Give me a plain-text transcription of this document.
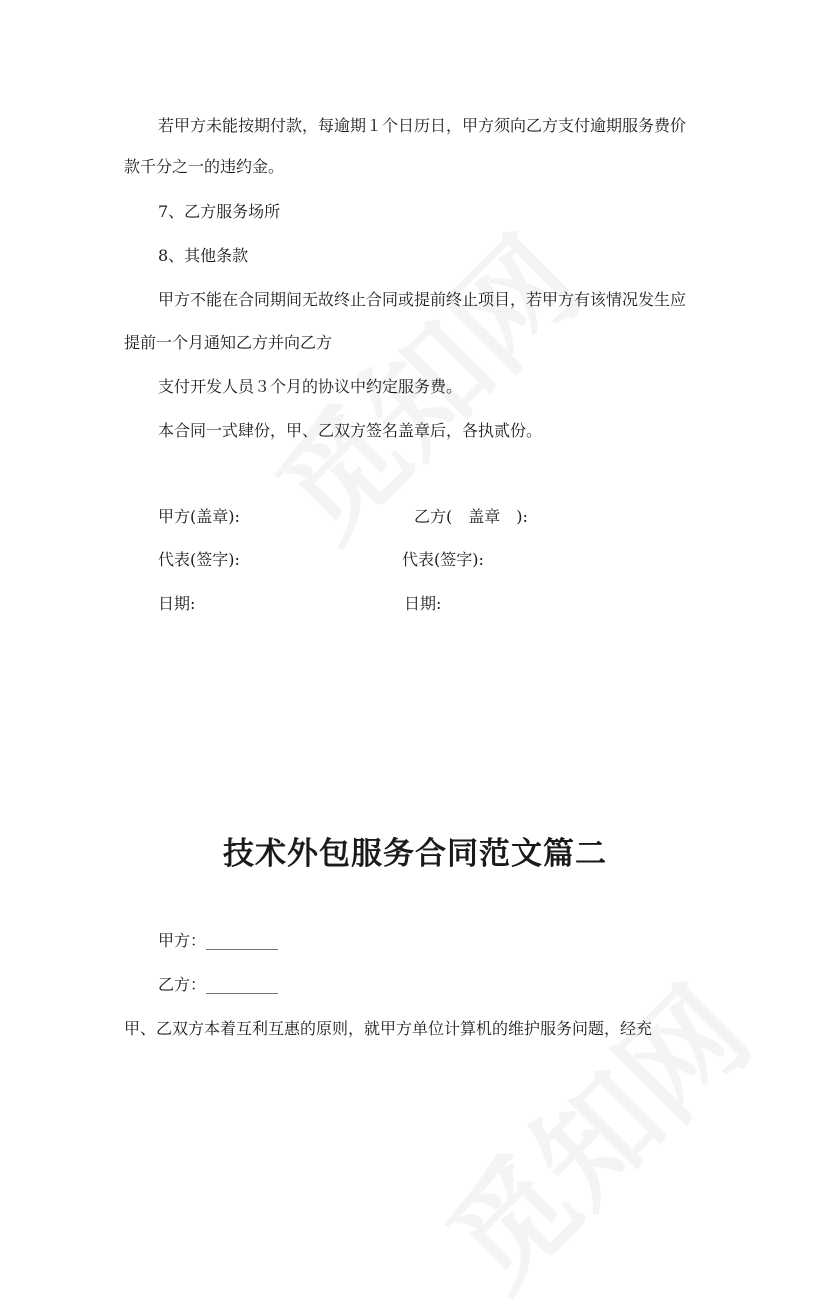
若甲方未能按期付款，每逾期１个日历日，甲方须向乙方支付逾期服务费价
款千分之一的违约金。
7、乙方服务场所
8、其他条款
甲方不能在合同期间无故终止合同或提前终止项目，若甲方有该情况发生应
提前一个月通知乙方并向乙方
支付开发人员３个月的协议中约定服务费。
本合同一式肆份，甲、乙双方签名盖章后，各执贰份。
甲方(盖章):	乙方(　盖章　):
代表(签字):	代表(签字):
日期:	日期:
技术外包服务合同范文篇二
甲方：_________
乙方：_________
甲、乙双方本着互利互惠的原则，就甲方单位计算机的维护服务问题，经充
